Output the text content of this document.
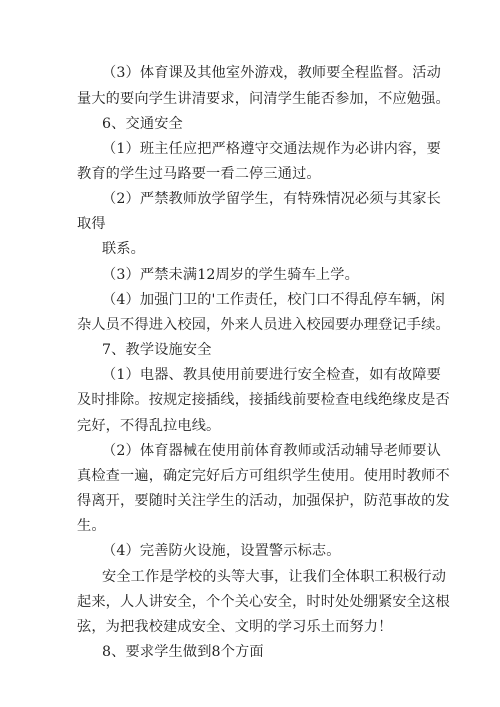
（3）体育课及其他室外游戏，教师要全程监督。活动
量大的要向学生讲清要求，问清学生能否参加，不应勉强。
6、交通安全
（1）班主任应把严格遵守交通法规作为必讲内容，要
教育的学生过马路要一看二停三通过。
（2）严禁教师放学留学生，有特殊情况必须与其家长
取得
联系。
（3）严禁未满12周岁的学生骑车上学。
（4）加强门卫的'工作责任，校门口不得乱停车辆，闲
杂人员不得进入校园，外来人员进入校园要办理登记手续。
7、教学设施安全
（1）电器、教具使用前要进行安全检查，如有故障要
及时排除。按规定接插线，接插线前要检查电线绝缘皮是否
完好，不得乱拉电线。
（2）体育器械在使用前体育教师或活动辅导老师要认
真检查一遍，确定完好后方可组织学生使用。使用时教师不
得离开，要随时关注学生的活动，加强保护，防范事故的发
生。
（4）完善防火设施，设置警示标志。
安全工作是学校的头等大事，让我们全体职工积极行动
起来，人人讲安全，个个关心安全，时时处处绷紧安全这根
弦，为把我校建成安全、文明的学习乐土而努力！
8、要求学生做到8个方面
